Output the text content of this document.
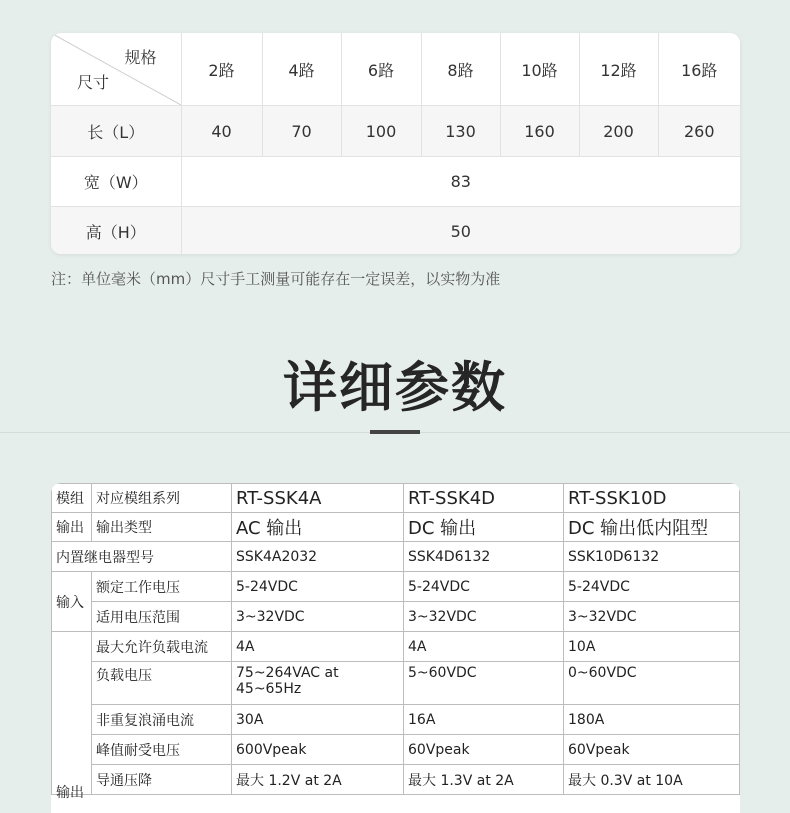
规格
尺寸	2路	4路	6路	8路	10路	12路	16路
长（L）	40	70	100	130	160	200	260
宽（W）	83						
高（H）	50						
注：单位毫米（mm）尺寸手工测量可能存在一定误差，以实物为准
详细参数
模组	对应模组系列	RT-SSK4A	RT-SSK4D	RT-SSK10D
输出	输出类型	AC 输出	DC 输出	DC 输出低内阻型
内置继电器型号		SSK4A2032	SSK4D6132	SSK10D6132
输入	额定工作电压	5-24VDC	5-24VDC	5-24VDC
	适用电压范围	3~32VDC	3~32VDC	3~32VDC
输出	最大允许负载电流	4A	4A	10A
	负载电压	75~264VAC at 45~65Hz	5~60VDC	0~60VDC
	非重复浪涌电流	30A	16A	180A
	峰值耐受电压	600Vpeak	60Vpeak	60Vpeak
	导通压降	最大 1.2V at 2A	最大 1.3V at 2A	最大 0.3V at 10A
